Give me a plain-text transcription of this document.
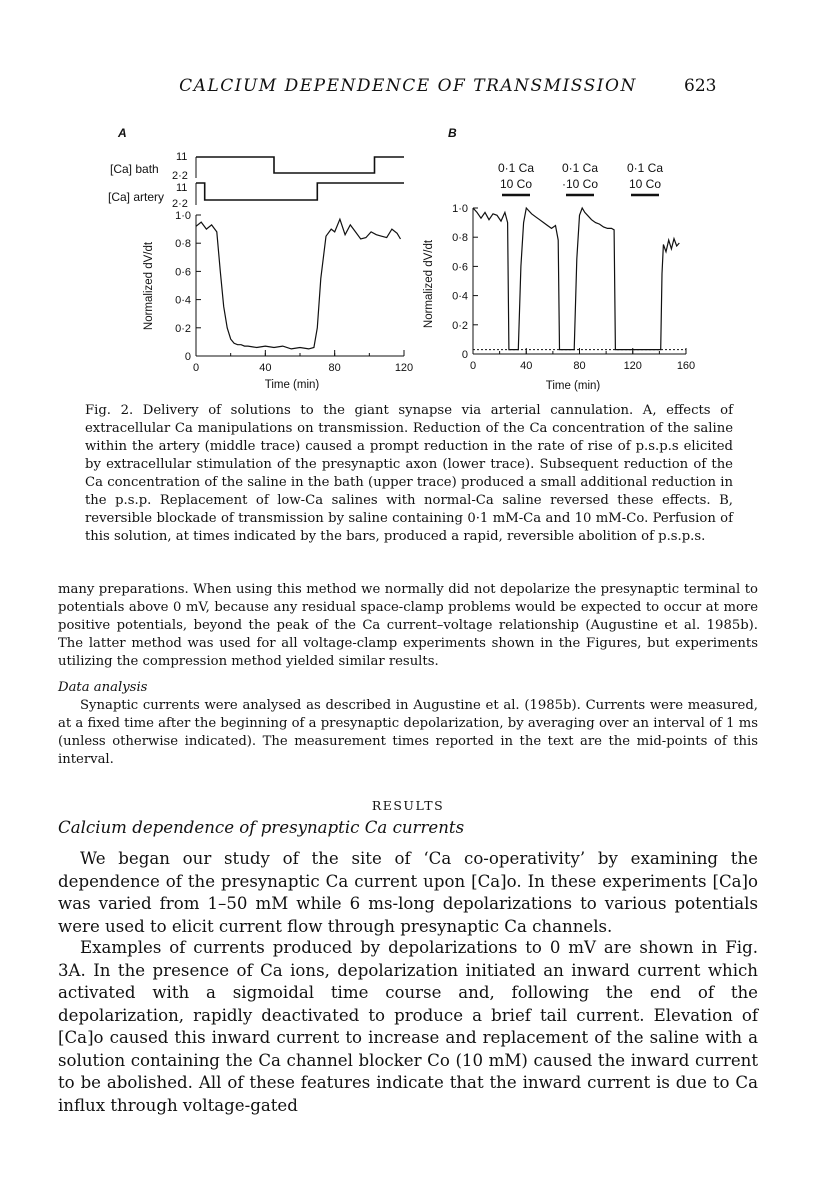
CALCIUM DEPENDENCE OF TRANSMISSION	623
A
[Ca] bath
[Ca] artery
11
2·2
11
2·2
0
0·2
0·4
0·6
0·8
1·0
0	40	80	120
Time (min)
Normalized dV/dt
B
0·1 Ca
10 Co
0·1 Ca
·10 Co
0·1 Ca
10 Co
0
0·2
0·4
0·6
0·8
1·0
0	40	80	120	160
Time (min)
Normalized dV/dt
Fig. 2. Delivery of solutions to the giant synapse via arterial cannulation. A, effects of extracellular Ca manipulations on transmission. Reduction of the Ca concentration of the saline within the artery (middle trace) caused a prompt reduction in the rate of rise of p.s.p.s elicited by extracellular stimulation of the presynaptic axon (lower trace). Subsequent reduction of the Ca concentration of the saline in the bath (upper trace) produced a small additional reduction in the p.s.p. Replacement of low-Ca salines with normal-Ca saline reversed these effects. B, reversible blockade of transmission by saline containing 0·1 mM-Ca and 10 mM-Co. Perfusion of this solution, at times indicated by the bars, produced a rapid, reversible abolition of p.s.p.s.
many preparations. When using this method we normally did not depolarize the presynaptic terminal to potentials above 0 mV, because any residual space-clamp problems would be expected to occur at more positive potentials, beyond the peak of the Ca current–voltage relationship (Augustine et al. 1985b). The latter method was used for all voltage-clamp experiments shown in the Figures, but experiments utilizing the compression method yielded similar results.
Data analysis
Synaptic currents were analysed as described in Augustine et al. (1985b). Currents were measured, at a fixed time after the beginning of a presynaptic depolarization, by averaging over an interval of 1 ms (unless otherwise indicated). The measurement times reported in the text are the mid-points of this interval.
RESULTS
Calcium dependence of presynaptic Ca currents
We began our study of the site of ‘Ca co-operativity’ by examining the dependence of the presynaptic Ca current upon [Ca]o. In these experiments [Ca]o was varied from 1–50 mM while 6 ms-long depolarizations to various potentials were used to elicit current flow through presynaptic Ca channels.
Examples of currents produced by depolarizations to 0 mV are shown in Fig. 3A. In the presence of Ca ions, depolarization initiated an inward current which activated with a sigmoidal time course and, following the end of the depolarization, rapidly deactivated to produce a brief tail current. Elevation of [Ca]o caused this inward current to increase and replacement of the saline with a solution containing the Ca channel blocker Co (10 mM) caused the inward current to be abolished. All of these features indicate that the inward current is due to Ca influx through voltage-gated
